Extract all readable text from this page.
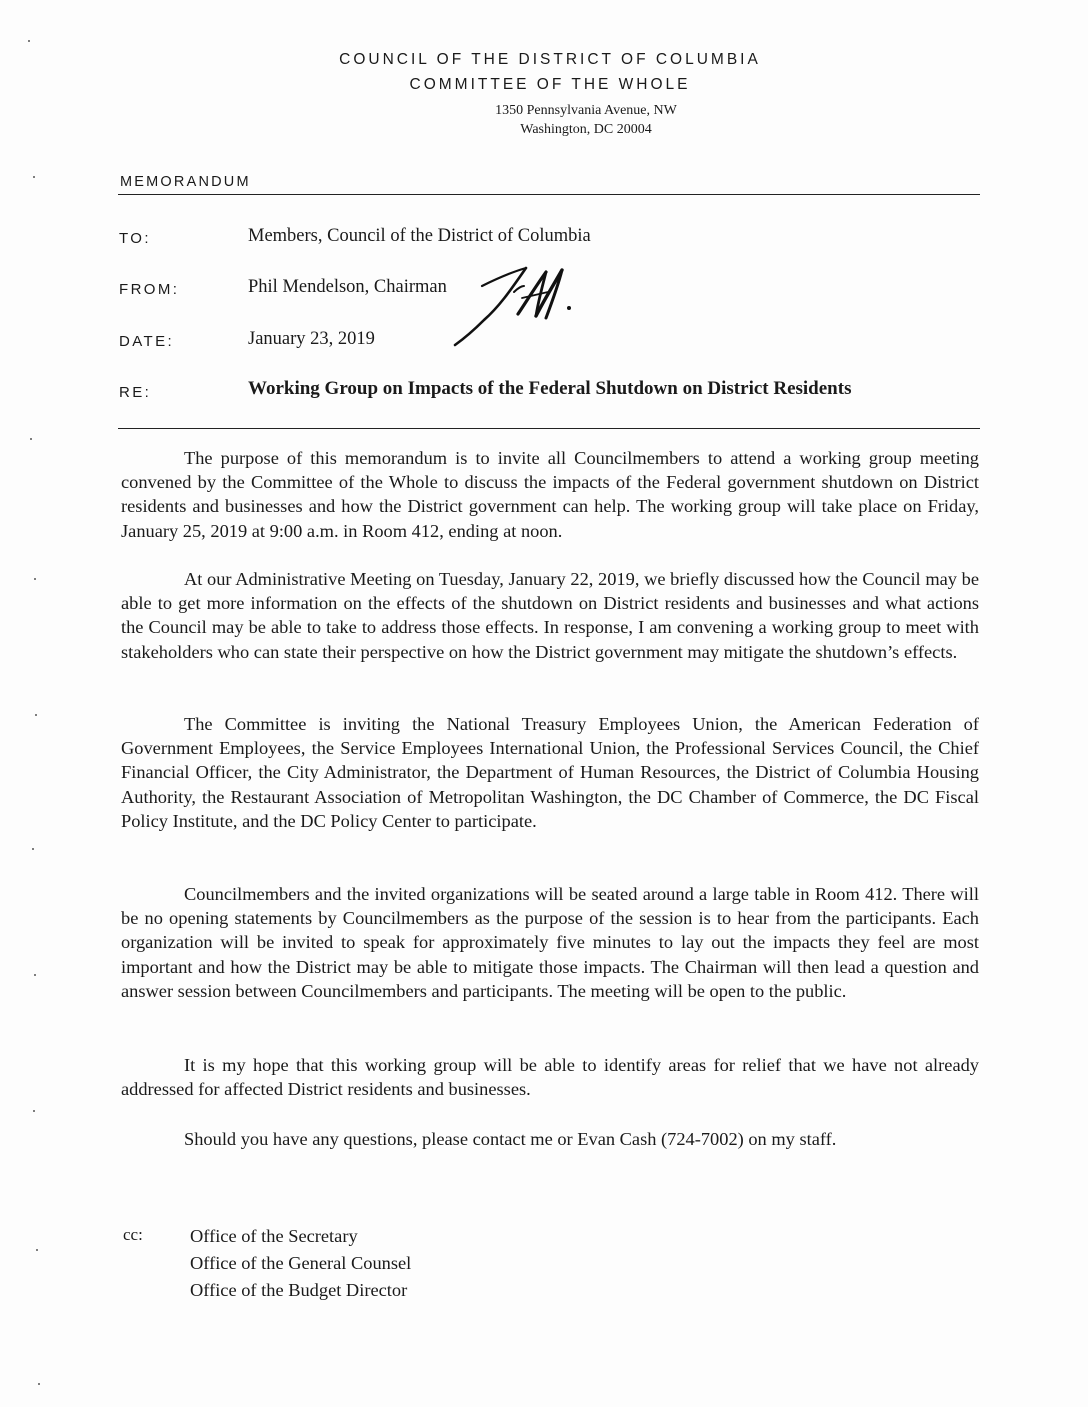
COUNCIL OF THE DISTRICT OF COLUMBIA
COMMITTEE OF THE WHOLE
1350 Pennsylvania Avenue, NW
Washington, DC 20004
MEMORANDUM
TO:	Members, Council of the District of Columbia
FROM:	Phil Mendelson, Chairman
DATE:	January 23, 2019
RE:	Working Group on Impacts of the Federal Shutdown on District Residents

The purpose of this memorandum is to invite all Councilmembers to attend a working group meeting convened by the Committee of the Whole to discuss the impacts of the Federal government shutdown on District residents and businesses and how the District government can help. The working group will take place on Friday, January 25, 2019 at 9:00 a.m. in Room 412, ending at noon.

At our Administrative Meeting on Tuesday, January 22, 2019, we briefly discussed how the Council may be able to get more information on the effects of the shutdown on District residents and businesses and what actions the Council may be able to take to address those effects. In response, I am convening a working group to meet with stakeholders who can state their perspective on how the District government may mitigate the shutdown’s effects.

The Committee is inviting the National Treasury Employees Union, the American Federation of Government Employees, the Service Employees International Union, the Professional Services Council, the Chief Financial Officer, the City Administrator, the Department of Human Resources, the District of Columbia Housing Authority, the Restaurant Association of Metropolitan Washington, the DC Chamber of Commerce, the DC Fiscal Policy Institute, and the DC Policy Center to participate.

Councilmembers and the invited organizations will be seated around a large table in Room 412. There will be no opening statements by Councilmembers as the purpose of the session is to hear from the participants. Each organization will be invited to speak for approximately five minutes to lay out the impacts they feel are most important and how the District may be able to mitigate those impacts. The Chairman will then lead a question and answer session between Councilmembers and participants. The meeting will be open to the public.

It is my hope that this working group will be able to identify areas for relief that we have not already addressed for affected District residents and businesses.

Should you have any questions, please contact me or Evan Cash (724-7002) on my staff.

cc:	Office of the Secretary
Office of the General Counsel
Office of the Budget Director
